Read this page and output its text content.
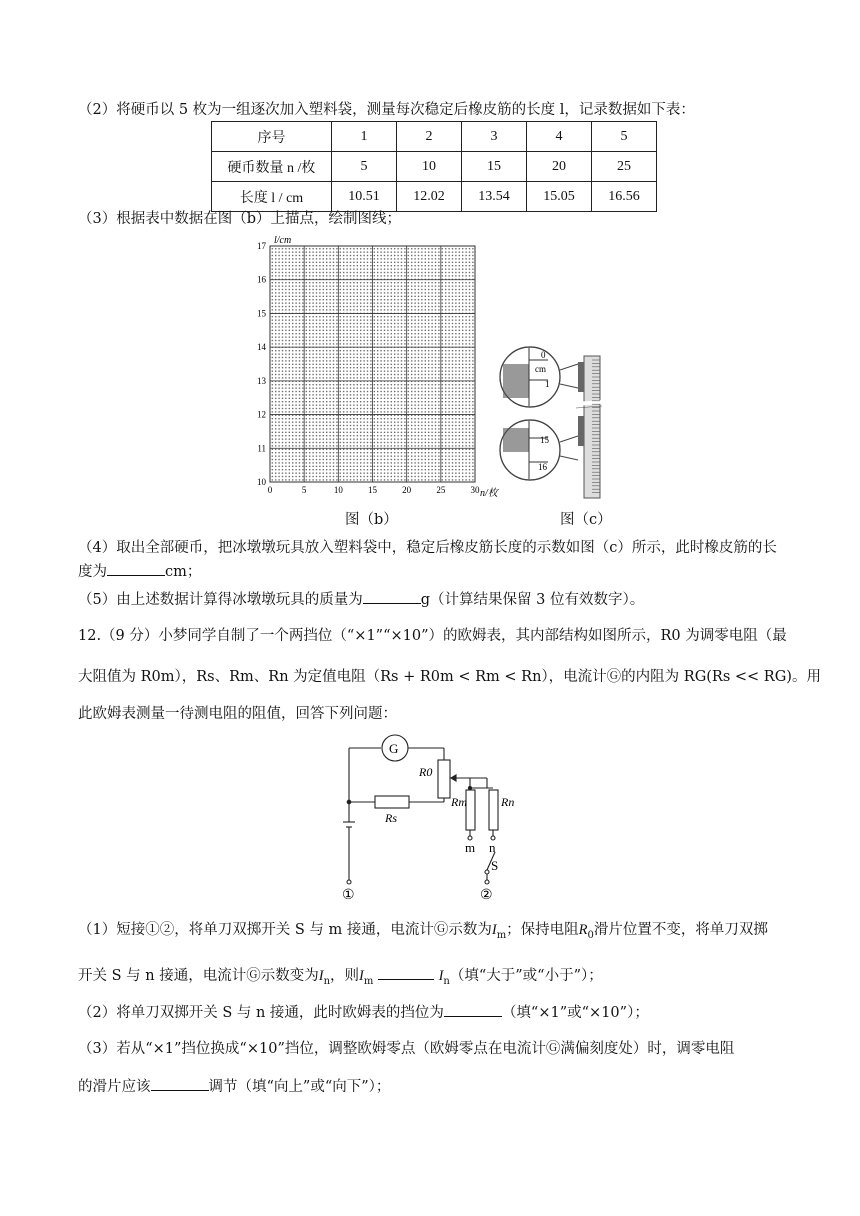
（2）将硬币以 5 枚为一组逐次加入塑料袋，测量每次稳定后橡皮筋的长度 l，记录数据如下表：
序号	1	2	3	4	5
硬币数量 n /枚	5	10	15	20	25
长度 l / cm	10.51	12.02	13.54	15.05	16.56
（3）根据表中数据在图（b）上描点，绘制图线；
10
11
12
13
14
15
16
17
0	5	10	15	20	25	30
l/cm
n/枚
图（b）
0
cm
1
15
16
图（c）
（4）取出全部硬币，把冰墩墩玩具放入塑料袋中，稳定后橡皮筋长度的示数如图（c）所示，此时橡皮筋的长
度为	cm；
（5）由上述数据计算得冰墩墩玩具的质量为	g（计算结果保留 3 位有效数字）。
12.（9 分）小梦同学自制了一个两挡位（“×1”“×10”）的欧姆表，其内部结构如图所示，R0 为调零电阻（最
大阻值为 R0m），Rs、Rm、Rn 为定值电阻（Rs + R0m < Rm < Rn），电流计Ⓖ的内阻为 RG(Rs << RG)。用
此欧姆表测量一待测电阻的阻值，回答下列问题：
G
R0
Rs
Rm	Rn
m n
S
①	②
（1）短接①②，将单刀双掷开关 S 与 m 接通，电流计Ⓖ示数为$I_m$；保持电阻$R_0$滑片位置不变，将单刀双掷
开关 S 与 n 接通，电流计Ⓖ示数变为$I_n$，则$I_m$	$I_n$（填“大于”或“小于”）；
（2）将单刀双掷开关 S 与 n 接通，此时欧姆表的挡位为	（填“×1”或“×10”）；
（3）若从“×1”挡位换成“×10”挡位，调整欧姆零点（欧姆零点在电流计Ⓖ满偏刻度处）时，调零电阻
的滑片应该	调节（填“向上”或“向下”）；
